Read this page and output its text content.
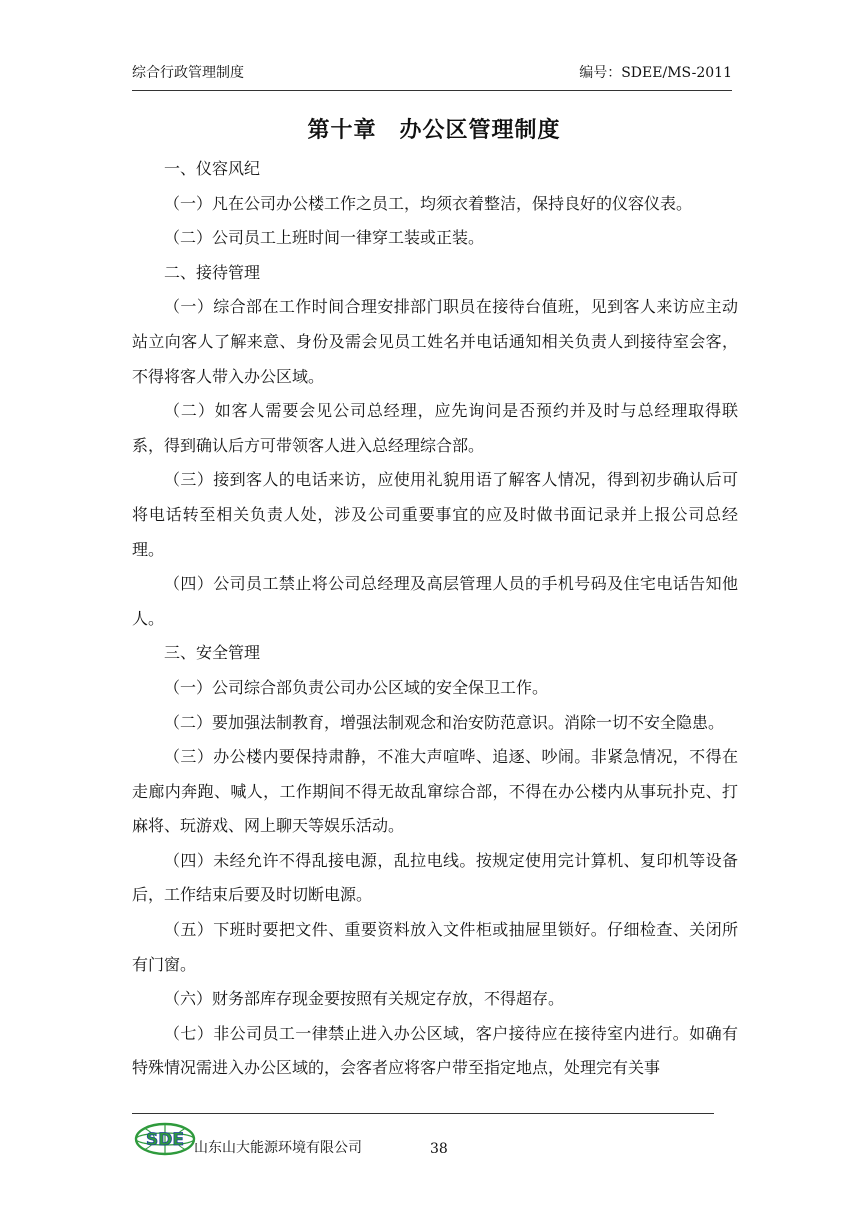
综合行政管理制度	编号：SDEE/MS-2011
第十章　办公区管理制度

一、仪容风纪

（一）凡在公司办公楼工作之员工，均须衣着整洁，保持良好的仪容仪表。

（二）公司员工上班时间一律穿工装或正装。

二、接待管理

（一）综合部在工作时间合理安排部门职员在接待台值班，见到客人来访应主动站立向客人了解来意、身份及需会见员工姓名并电话通知相关负责人到接待室会客，不得将客人带入办公区域。

（二）如客人需要会见公司总经理，应先询问是否预约并及时与总经理取得联系，得到确认后方可带领客人进入总经理综合部。

（三）接到客人的电话来访，应使用礼貌用语了解客人情况，得到初步确认后可将电话转至相关负责人处，涉及公司重要事宜的应及时做书面记录并上报公司总经理。

（四）公司员工禁止将公司总经理及高层管理人员的手机号码及住宅电话告知他人。

三、安全管理

（一）公司综合部负责公司办公区域的安全保卫工作。

（二）要加强法制教育，增强法制观念和治安防范意识。消除一切不安全隐患。

（三）办公楼内要保持肃静，不准大声喧哗、追逐、吵闹。非紧急情况，不得在走廊内奔跑、喊人，工作期间不得无故乱窜综合部，不得在办公楼内从事玩扑克、打麻将、玩游戏、网上聊天等娱乐活动。

（四）未经允许不得乱接电源，乱拉电线。按规定使用完计算机、复印机等设备后，工作结束后要及时切断电源。

（五）下班时要把文件、重要资料放入文件柜或抽屉里锁好。仔细检查、关闭所有门窗。

（六）财务部库存现金要按照有关规定存放，不得超存。

（七）非公司员工一律禁止进入办公区域，客户接待应在接待室内进行。如确有特殊情况需进入办公区域的，会客者应将客户带至指定地点，处理完有关事

SDE 山东山大能源环境有限公司	38
